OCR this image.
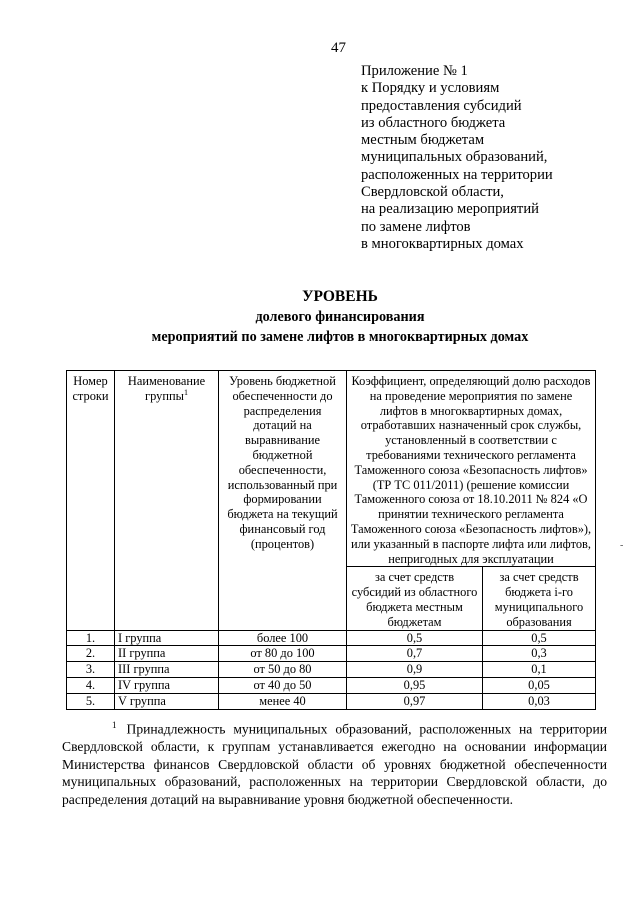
47
Приложение № 1
к Порядку и условиям
предоставления субсидий
из областного бюджета
местным бюджетам
муниципальных образований,
расположенных на территории
Свердловской области,
на реализацию мероприятий
по замене лифтов
в многоквартирных домах
УРОВЕНЬ
долевого финансирования
мероприятий по замене лифтов в многоквартирных домах
Номер строки	Наименование группы$^1$	Уровень бюджетной обеспеченности до распределения дотаций на выравнивание бюджетной обеспеченности, использованный при формировании бюджета на текущий финансовый год (процентов)	Коэффициент, определяющий долю расходов на проведение мероприятия по замене лифтов в многоквартирных домах, отработавших назначенный срок службы, установленный в соответствии с требованиями технического регламента Таможенного союза «Безопасность лифтов» (ТР ТС 011/2011) (решение комиссии Таможенного союза от 18.10.2011 № 824 «О принятии технического регламента Таможенного союза «Безопасность лифтов»), или указанный в паспорте лифта или лифтов, непригодных для эксплуатации	

			за счет средств субсидий из областного бюджета местным бюджетам	за счет средств бюджета i-го муниципального образования

1.	I группа	более 100	0,5	0,5
2.	II группа	от 80 до 100	0,7	0,3
3.	III группа	от 50 до 80	0,9	0,1
4.	IV группа	от 40 до 50	0,95	0,05
5.	V группа	менее 40	0,97	0,03
$^1$ Принадлежность муниципальных образований, расположенных на территории Свердловской области, к группам устанавливается ежегодно на основании информации Министерства финансов Свердловской области об уровнях бюджетной обеспеченности муниципальных образований, расположенных на территории Свердловской области, до распределения дотаций на выравнивание уровня бюджетной обеспеченности.
-
